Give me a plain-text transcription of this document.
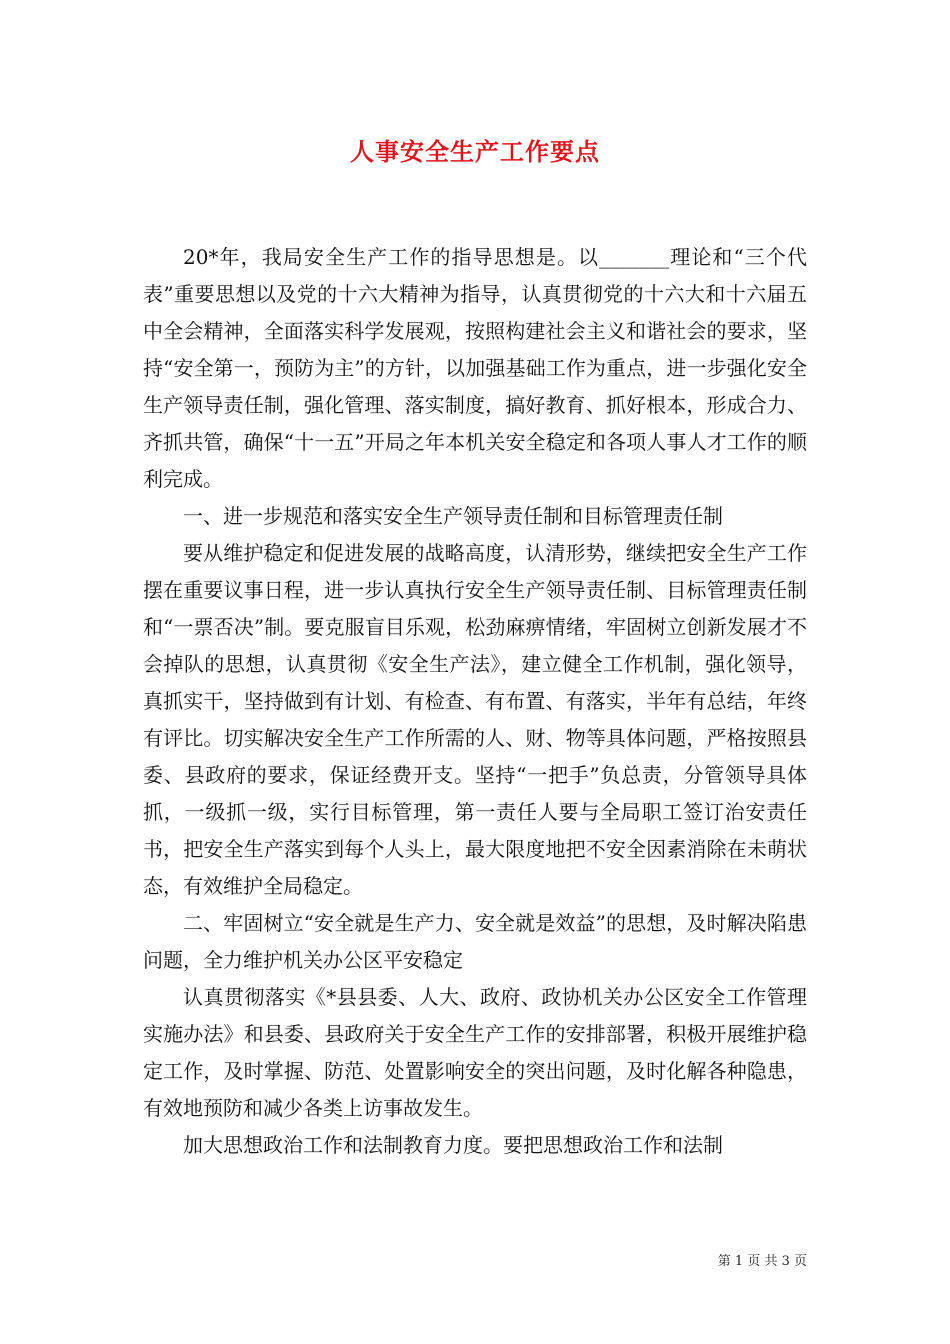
人事安全生产工作要点

20*年，我局安全生产工作的指导思想是。以_______理论和“三个代表”重要思想以及党的十六大精神为指导，认真贯彻党的十六大和十六届五中全会精神，全面落实科学发展观，按照构建社会主义和谐社会的要求，坚持“安全第一，预防为主”的方针，以加强基础工作为重点，进一步强化安全生产领导责任制，强化管理、落实制度，搞好教育、抓好根本，形成合力、齐抓共管，确保“十一五”开局之年本机关安全稳定和各项人事人才工作的顺利完成。

一、进一步规范和落实安全生产领导责任制和目标管理责任制

要从维护稳定和促进发展的战略高度，认清形势，继续把安全生产工作摆在重要议事日程，进一步认真执行安全生产领导责任制、目标管理责任制和“一票否决”制。要克服盲目乐观，松劲麻痹情绪，牢固树立创新发展才不会掉队的思想，认真贯彻《安全生产法》，建立健全工作机制，强化领导，真抓实干，坚持做到有计划、有检查、有布置、有落实，半年有总结，年终有评比。切实解决安全生产工作所需的人、财、物等具体问题，严格按照县委、县政府的要求，保证经费开支。坚持“一把手”负总责，分管领导具体抓，一级抓一级，实行目标管理，第一责任人要与全局职工签订治安责任书，把安全生产落实到每个人头上，最大限度地把不安全因素消除在未萌状态，有效维护全局稳定。

二、牢固树立“安全就是生产力、安全就是效益”的思想，及时解决陷患问题，全力维护机关办公区平安稳定

认真贯彻落实《*县县委、人大、政府、政协机关办公区安全工作管理实施办法》和县委、县政府关于安全生产工作的安排部署，积极开展维护稳定工作，及时掌握、防范、处置影响安全的突出问题，及时化解各种隐患，有效地预防和减少各类上访事故发生。

加大思想政治工作和法制教育力度。要把思想政治工作和法制

第 1 页 共 3 页
